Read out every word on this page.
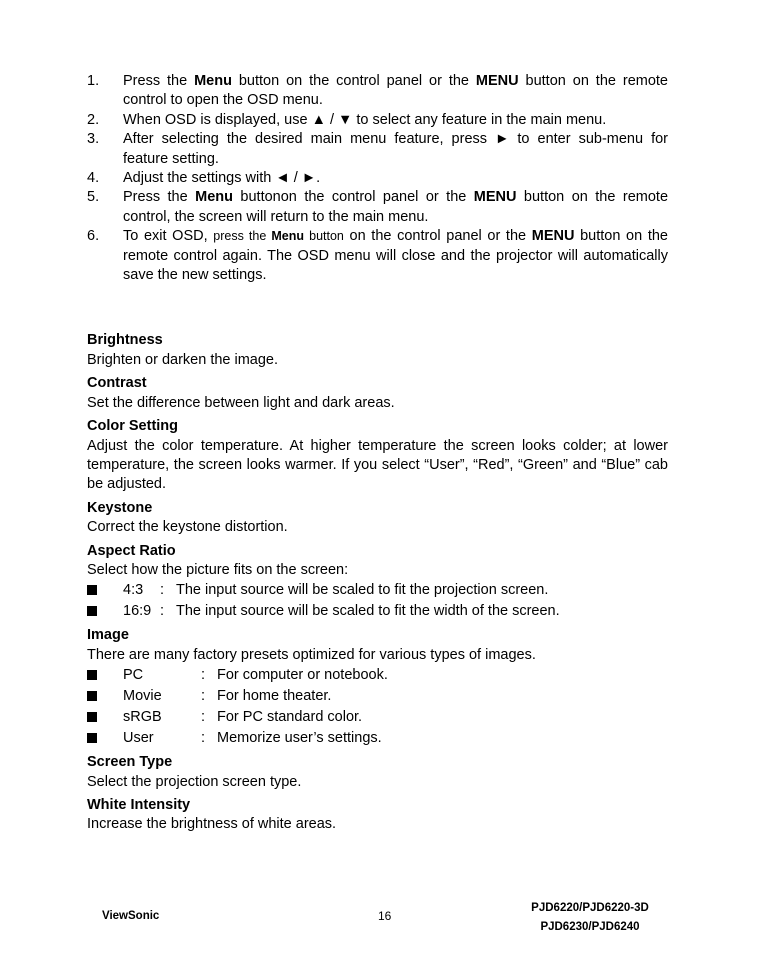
1. Press the Menu button on the control panel or the MENU button on the remote control to open the OSD menu.
2. When OSD is displayed, use ▲ / ▼ to select any feature in the main menu.
3. After selecting the desired main menu feature, press ► to enter sub-menu for feature setting.
4. Adjust the settings with ◄ / ►.
5. Press the Menu buttonon the control panel or the MENU button on the remote control, the screen will return to the main menu.
6. To exit OSD, press the Menu button on the control panel or the MENU button on the remote control again. The OSD menu will close and the projector will automatically save the new settings.
Brightness
Brighten or darken the image.
Contrast
Set the difference between light and dark areas.
Color Setting
Adjust the color temperature. At higher temperature the screen looks colder; at lower temperature, the screen looks warmer. If you select “User”, “Red”, “Green” and “Blue” cab be adjusted.
Keystone
Correct the keystone distortion.
Aspect Ratio
Select how the picture fits on the screen:
4:3	: The input source will be scaled to fit the projection screen.
16:9 : The input source will be scaled to fit the width of the screen.
Image
There are many factory presets optimized for various types of images.
PC	: For computer or notebook.
Movie	: For home theater.
sRGB	: For PC standard color.
User	: Memorize user’s settings.
Screen Type
Select the projection screen type.
White Intensity
Increase the brightness of white areas.
ViewSonic	16
PJD6220/PJD6220-3D
PJD6230/PJD6240
